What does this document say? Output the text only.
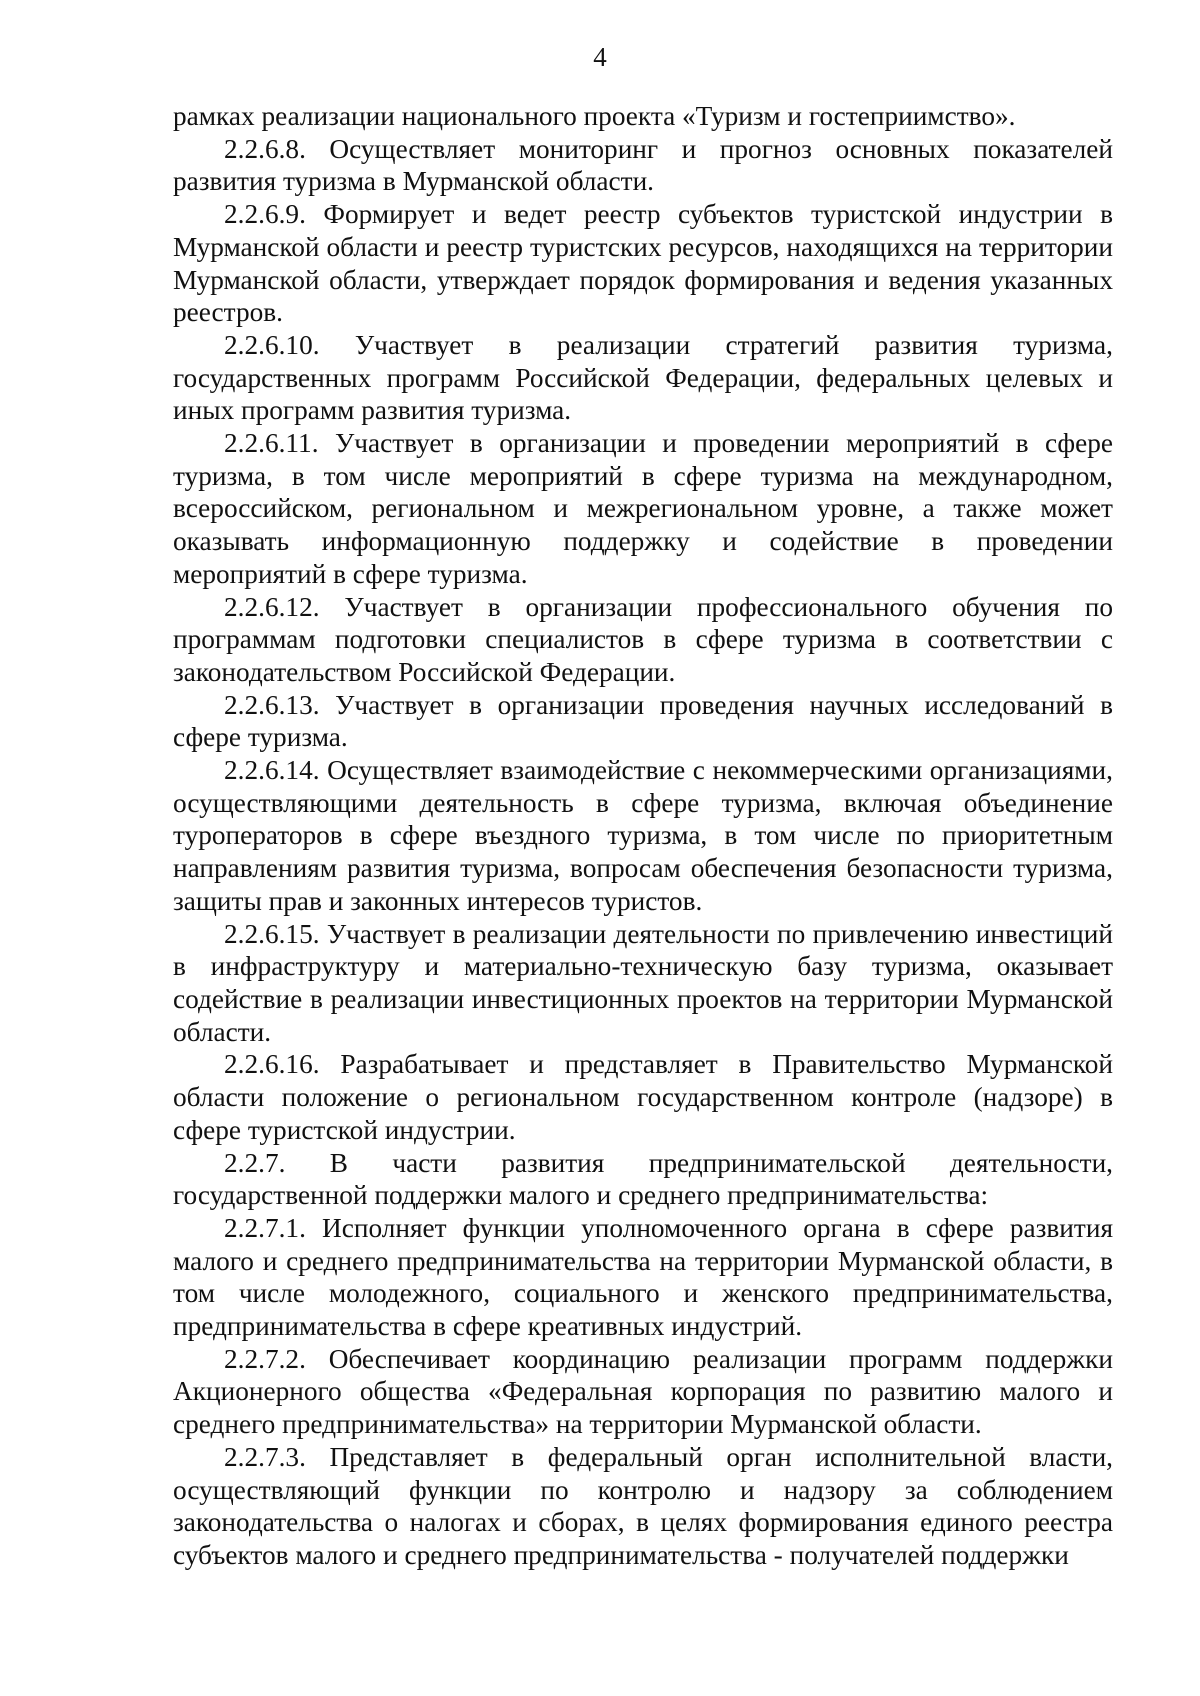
4

рамках реализации национального проекта «Туризм и гостеприимство».

2.2.6.8. Осуществляет мониторинг и прогноз основных показателей развития туризма в Мурманской области.

2.2.6.9. Формирует и ведет реестр субъектов туристской индустрии в Мурманской области и реестр туристских ресурсов, находящихся на территории Мурманской области, утверждает порядок формирования и ведения указанных реестров.

2.2.6.10. Участвует в реализации стратегий развития туризма, государственных программ Российской Федерации, федеральных целевых и иных программ развития туризма.

2.2.6.11. Участвует в организации и проведении мероприятий в сфере туризма, в том числе мероприятий в сфере туризма на международном, всероссийском, региональном и межрегиональном уровне, а также может оказывать информационную поддержку и содействие в проведении мероприятий в сфере туризма.

2.2.6.12. Участвует в организации профессионального обучения по программам подготовки специалистов в сфере туризма в соответствии с законодательством Российской Федерации.

2.2.6.13. Участвует в организации проведения научных исследований в сфере туризма.

2.2.6.14. Осуществляет взаимодействие с некоммерческими организациями, осуществляющими деятельность в сфере туризма, включая объединение туроператоров в сфере въездного туризма, в том числе по приоритетным направлениям развития туризма, вопросам обеспечения безопасности туризма, защиты прав и законных интересов туристов.

2.2.6.15. Участвует в реализации деятельности по привлечению инвестиций в инфраструктуру и материально-техническую базу туризма, оказывает содействие в реализации инвестиционных проектов на территории Мурманской области.

2.2.6.16. Разрабатывает и представляет в Правительство Мурманской области положение о региональном государственном контроле (надзоре) в сфере туристской индустрии.

2.2.7. В части развития предпринимательской деятельности, государственной поддержки малого и среднего предпринимательства:

2.2.7.1. Исполняет функции уполномоченного органа в сфере развития малого и среднего предпринимательства на территории Мурманской области, в том числе молодежного, социального и женского предпринимательства, предпринимательства в сфере креативных индустрий.

2.2.7.2. Обеспечивает координацию реализации программ поддержки Акционерного общества «Федеральная корпорация по развитию малого и среднего предпринимательства» на территории Мурманской области.

2.2.7.3. Представляет в федеральный орган исполнительной власти, осуществляющий функции по контролю и надзору за соблюдением законодательства о налогах и сборах, в целях формирования единого реестра субъектов малого и среднего предпринимательства - получателей поддержки
